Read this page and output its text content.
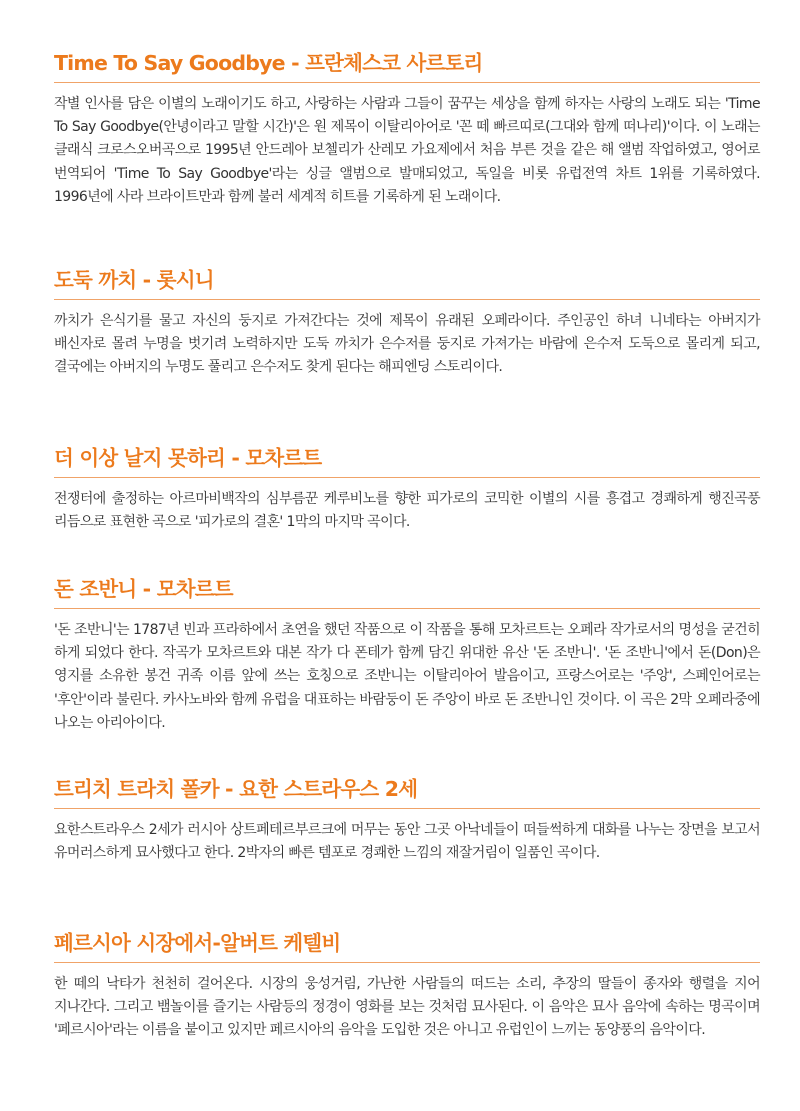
Time To Say Goodbye - 프란체스코 사르토리

작별 인사를 담은 이별의 노래이기도 하고, 사랑하는 사람과 그들이 꿈꾸는 세상을 함께 하자는 사랑의 노래도 되는 'Time To Say Goodbye(안녕이라고 말할 시간)'은 원 제목이 이탈리아어로 '꼰 떼 빠르띠로(그대와 함께 떠나리)'이다. 이 노래는 클래식 크로스오버곡으로 1995년 안드레아 보첼리가 산레모 가요제에서 처음 부른 것을 같은 해 앨범 작업하였고, 영어로 번역되어 'Time To Say Goodbye'라는 싱글 앨범으로 발매되었고, 독일을 비롯 유럽전역 차트 1위를 기록하였다. 1996년에 사라 브라이트만과 함께 불러 세계적 히트를 기록하게 된 노래이다.

도둑 까치 - 롯시니

까치가 은식기를 물고 자신의 둥지로 가져간다는 것에 제목이 유래된 오페라이다. 주인공인 하녀 니네타는 아버지가 배신자로 몰려 누명을 벗기려 노력하지만 도둑 까치가 은수저를 둥지로 가져가는 바람에 은수저 도둑으로 몰리게 되고, 결국에는 아버지의 누명도 풀리고 은수저도 찾게 된다는 해피엔딩 스토리이다.

더 이상 날지 못하리 - 모차르트

전쟁터에 출정하는 아르마비백작의 심부름꾼 케루비노를 향한 피가로의 코믹한 이별의 시를 흥겹고 경쾌하게 행진곡풍 리듬으로 표현한 곡으로 '피가로의 결혼' 1막의 마지막 곡이다.

돈 조반니 - 모차르트

'돈 조반니'는 1787년 빈과 프라하에서 초연을 했던 작품으로 이 작품을 통해 모차르트는 오페라 작가로서의 명성을 굳건히 하게 되었다 한다. 작곡가 모차르트와 대본 작가 다 폰테가 함께 담긴 위대한 유산 '돈 조반니'. '돈 조반니'에서 돈(Don)은 영지를 소유한 봉건 귀족 이름 앞에 쓰는 호칭으로 조반니는 이탈리아어 발음이고, 프랑스어로는 '주앙', 스페인어로는 '후안'이라 불린다. 카사노바와 함께 유럽을 대표하는 바람둥이 돈 주앙이 바로 돈 조반니인 것이다. 이 곡은 2막 오페라중에 나오는 아리아이다.

트리치 트라치 폴카 - 요한 스트라우스 2세

요한스트라우스 2세가 러시아 상트페테르부르크에 머무는 동안 그곳 아낙네들이 떠들썩하게 대화를 나누는 장면을 보고서 유머러스하게 묘사했다고 한다. 2박자의 빠른 템포로 경쾌한 느낌의 재잘거림이 일품인 곡이다.

페르시아 시장에서-알버트 케텔비

한 떼의 낙타가 천천히 걸어온다. 시장의 웅성거림, 가난한 사람들의 떠드는 소리, 추장의 딸들이 종자와 행렬을 지어 지나간다. 그리고 뱀놀이를 즐기는 사람등의 정경이 영화를 보는 것처럼 묘사된다. 이 음악은 묘사 음악에 속하는 명곡이며 '페르시아'라는 이름을 붙이고 있지만 페르시아의 음악을 도입한 것은 아니고 유럽인이 느끼는 동양풍의 음악이다.
